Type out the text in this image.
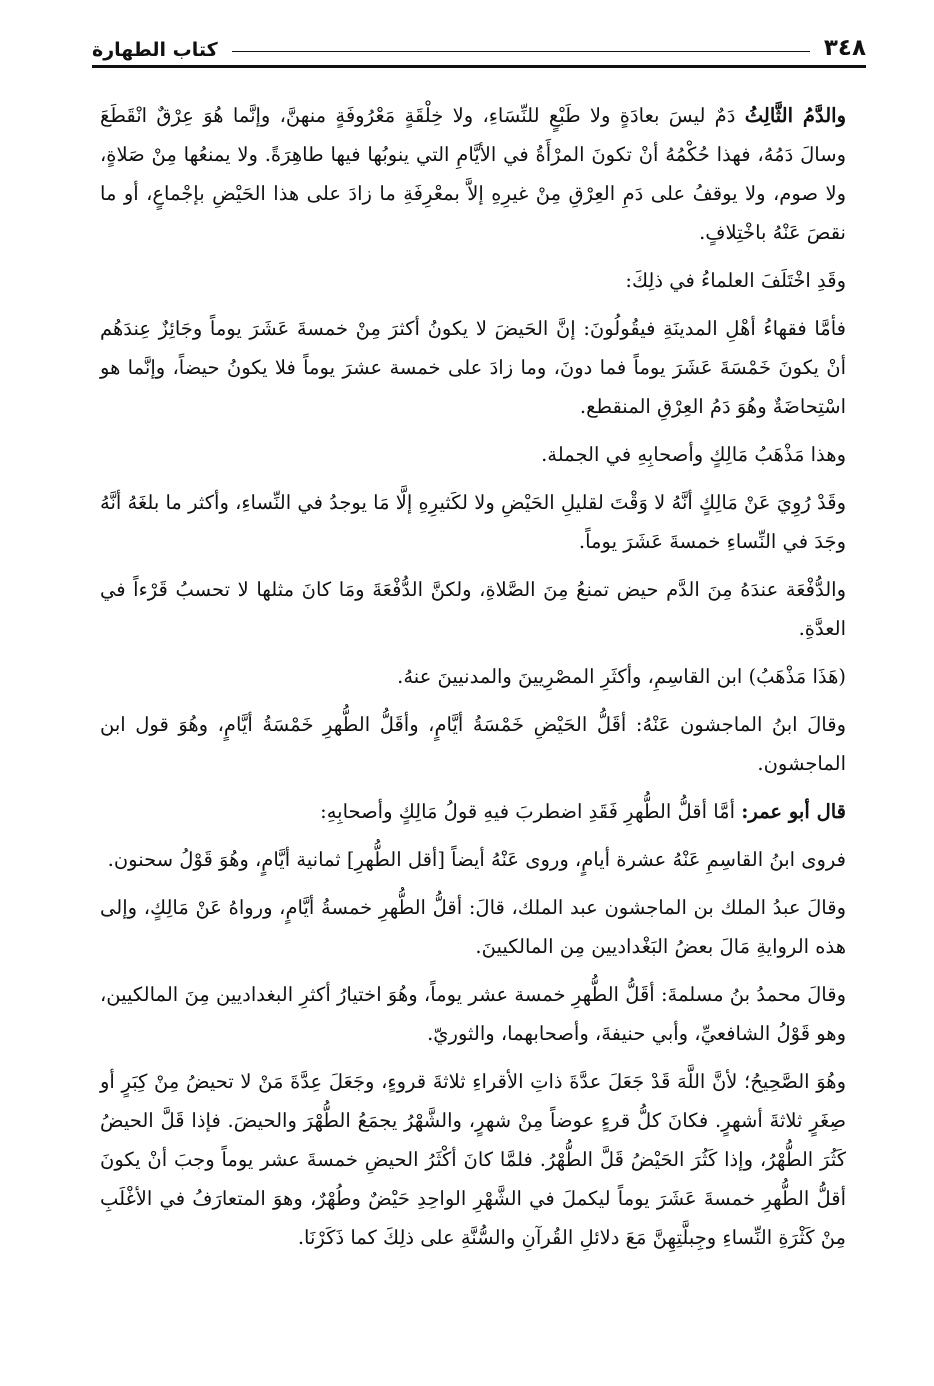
٣٤٨
كتاب الطهارة

والدَّمُ الثَّالِثُ دَمٌ ليسَ بعادَةٍ ولا طَبْعٍ للنِّسَاءِ، ولا خِلْقَةٍ مَعْرُوفَةٍ منهنَّ، وإنَّما هُوَ عِرْقٌ انْقَطَعَ وسالَ دَمُهُ، فهذا حُكْمُهُ أنْ تكونَ المرْأَةُ في الأيَّامِ التي ينوبُها فيها طاهِرَةً. ولا يمنعُها مِنْ صَلاةٍ، ولا صوم، ولا يوقفُ على دَمِ العِرْقِ مِنْ غيرِهِ إلاَّ بمعْرِفَةِ ما زادَ على هذا الحَيْضِ بإجْماعٍ، أو ما نقصَ عَنْهُ باخْتِلافٍ.

وقَدِ اخْتَلَفَ العلماءُ في ذلِكَ:

فأمَّا فقهاءُ أهْلِ المدينَةِ فيقُولُونَ: إنَّ الحَيضَ لا يكونُ أكثرَ مِنْ خمسةَ عَشَرَ يوماً وجَائِزٌ عِندَهُم أنْ يكونَ خَمْسَةَ عَشَرَ يوماً فما دونَ، وما زادَ على خمسة عشرَ يوماً فلا يكونُ حيضاً، وإنَّما هو اسْتِحاضَةٌ وهُوَ دَمُ العِرْقِ المنقطع.

وهذا مَذْهَبُ مَالِكٍ وأصحابِهِ في الجملة.

وقَدْ رُوِيَ عَنْ مَالِكٍ أنَّهُ لا وَقْتَ لقليلِ الحَيْضِ ولا لكَثيرِهِ إلَّا مَا يوجدُ في النِّساءِ، وأكثر ما بلغَهُ أنَّهُ وجَدَ في النِّساءِ خمسةَ عَشَرَ يوماً.

والدُّفْعَة عندَهُ مِنَ الدَّم حيض تمنعُ مِنَ الصَّلاةِ، ولكنَّ الدُّفْعَةَ ومَا كانَ مثلها لا تحسبُ قَرْءاً في العدَّةِ.

(هَذَا مَذْهَبُ) ابن القاسِمِ، وأكثَرِ المصْرِيينَ والمدنيينَ عنهُ.

وقالَ ابنُ الماجشون عَنْهُ: أقَلُّ الحَيْضِ خَمْسَةُ أيَّامٍ، وأقَلُّ الطُّهرِ خَمْسَةُ أيَّامٍ، وهُوَ قول ابن الماجشون.

قال أبو عمر: أمَّا أقلُّ الطُّهرِ فَقَدِ اضطربَ فيهِ قولُ مَالِكٍ وأصحابِهِ:

فروى ابنُ القاسِمِ عَنْهُ عشرة أيامٍ، وروى عَنْهُ أيضاً [أقل الطُّهرِ] ثمانية أيَّامٍ، وهُوَ قَوْلُ سحنون.

وقالَ عبدُ الملك بن الماجشون عبد الملك، قالَ: أقلُّ الطُّهرِ خمسةُ أيَّامٍ، ورواهُ عَنْ مَالِكٍ، وإلى هذه الروايةِ مَالَ بعضُ البَغْداديين مِن المالكيينَ.

وقالَ محمدُ بنُ مسلمةَ: أقَلُّ الطُّهرِ خمسة عشر يوماً، وهُوَ اختيارُ أكثرِ البغداديين مِنَ المالكيين، وهو قَوْلُ الشافعيِّ، وأبي حنيفةَ، وأصحابهما، والثوريّ.

وهُوَ الصَّحِيحُ؛ لأنَّ اللَّهَ قَدْ جَعَلَ عدَّةَ ذاتِ الأقراءِ ثلاثةَ قروءٍ، وجَعَلَ عِدَّةَ مَنْ لا تحيضُ مِنْ كِبَرٍ أو صِغَرٍ ثلاثةَ أشهرٍ. فكانَ كلُّ قرءٍ عوضاً مِنْ شهرٍ، والشَّهْرُ يجمَعُ الطُّهْرَ والحيضَ. فإذا قَلَّ الحيضُ كَثُرَ الطُّهْرُ، وإذا كَثُرَ الحَيْضُ قَلَّ الطُّهْرُ. فلمَّا كانَ أكْثَرُ الحيضِ خمسةَ عشر يوماً وجبَ أنْ يكونَ أقلُّ الطُّهرِ خمسةَ عَشَرَ يوماً ليكملَ في الشَّهْرِ الواحِدِ حَيْضٌ وطُهْرٌ، وهوَ المتعارَفُ في الأغْلَبِ مِنْ كَثْرَةِ النِّساءِ وجِبلَّتِهِنَّ مَعَ دلائلِ القُرآنِ والسُّنَّةِ على ذلِكَ كما ذَكَرْنَا.
